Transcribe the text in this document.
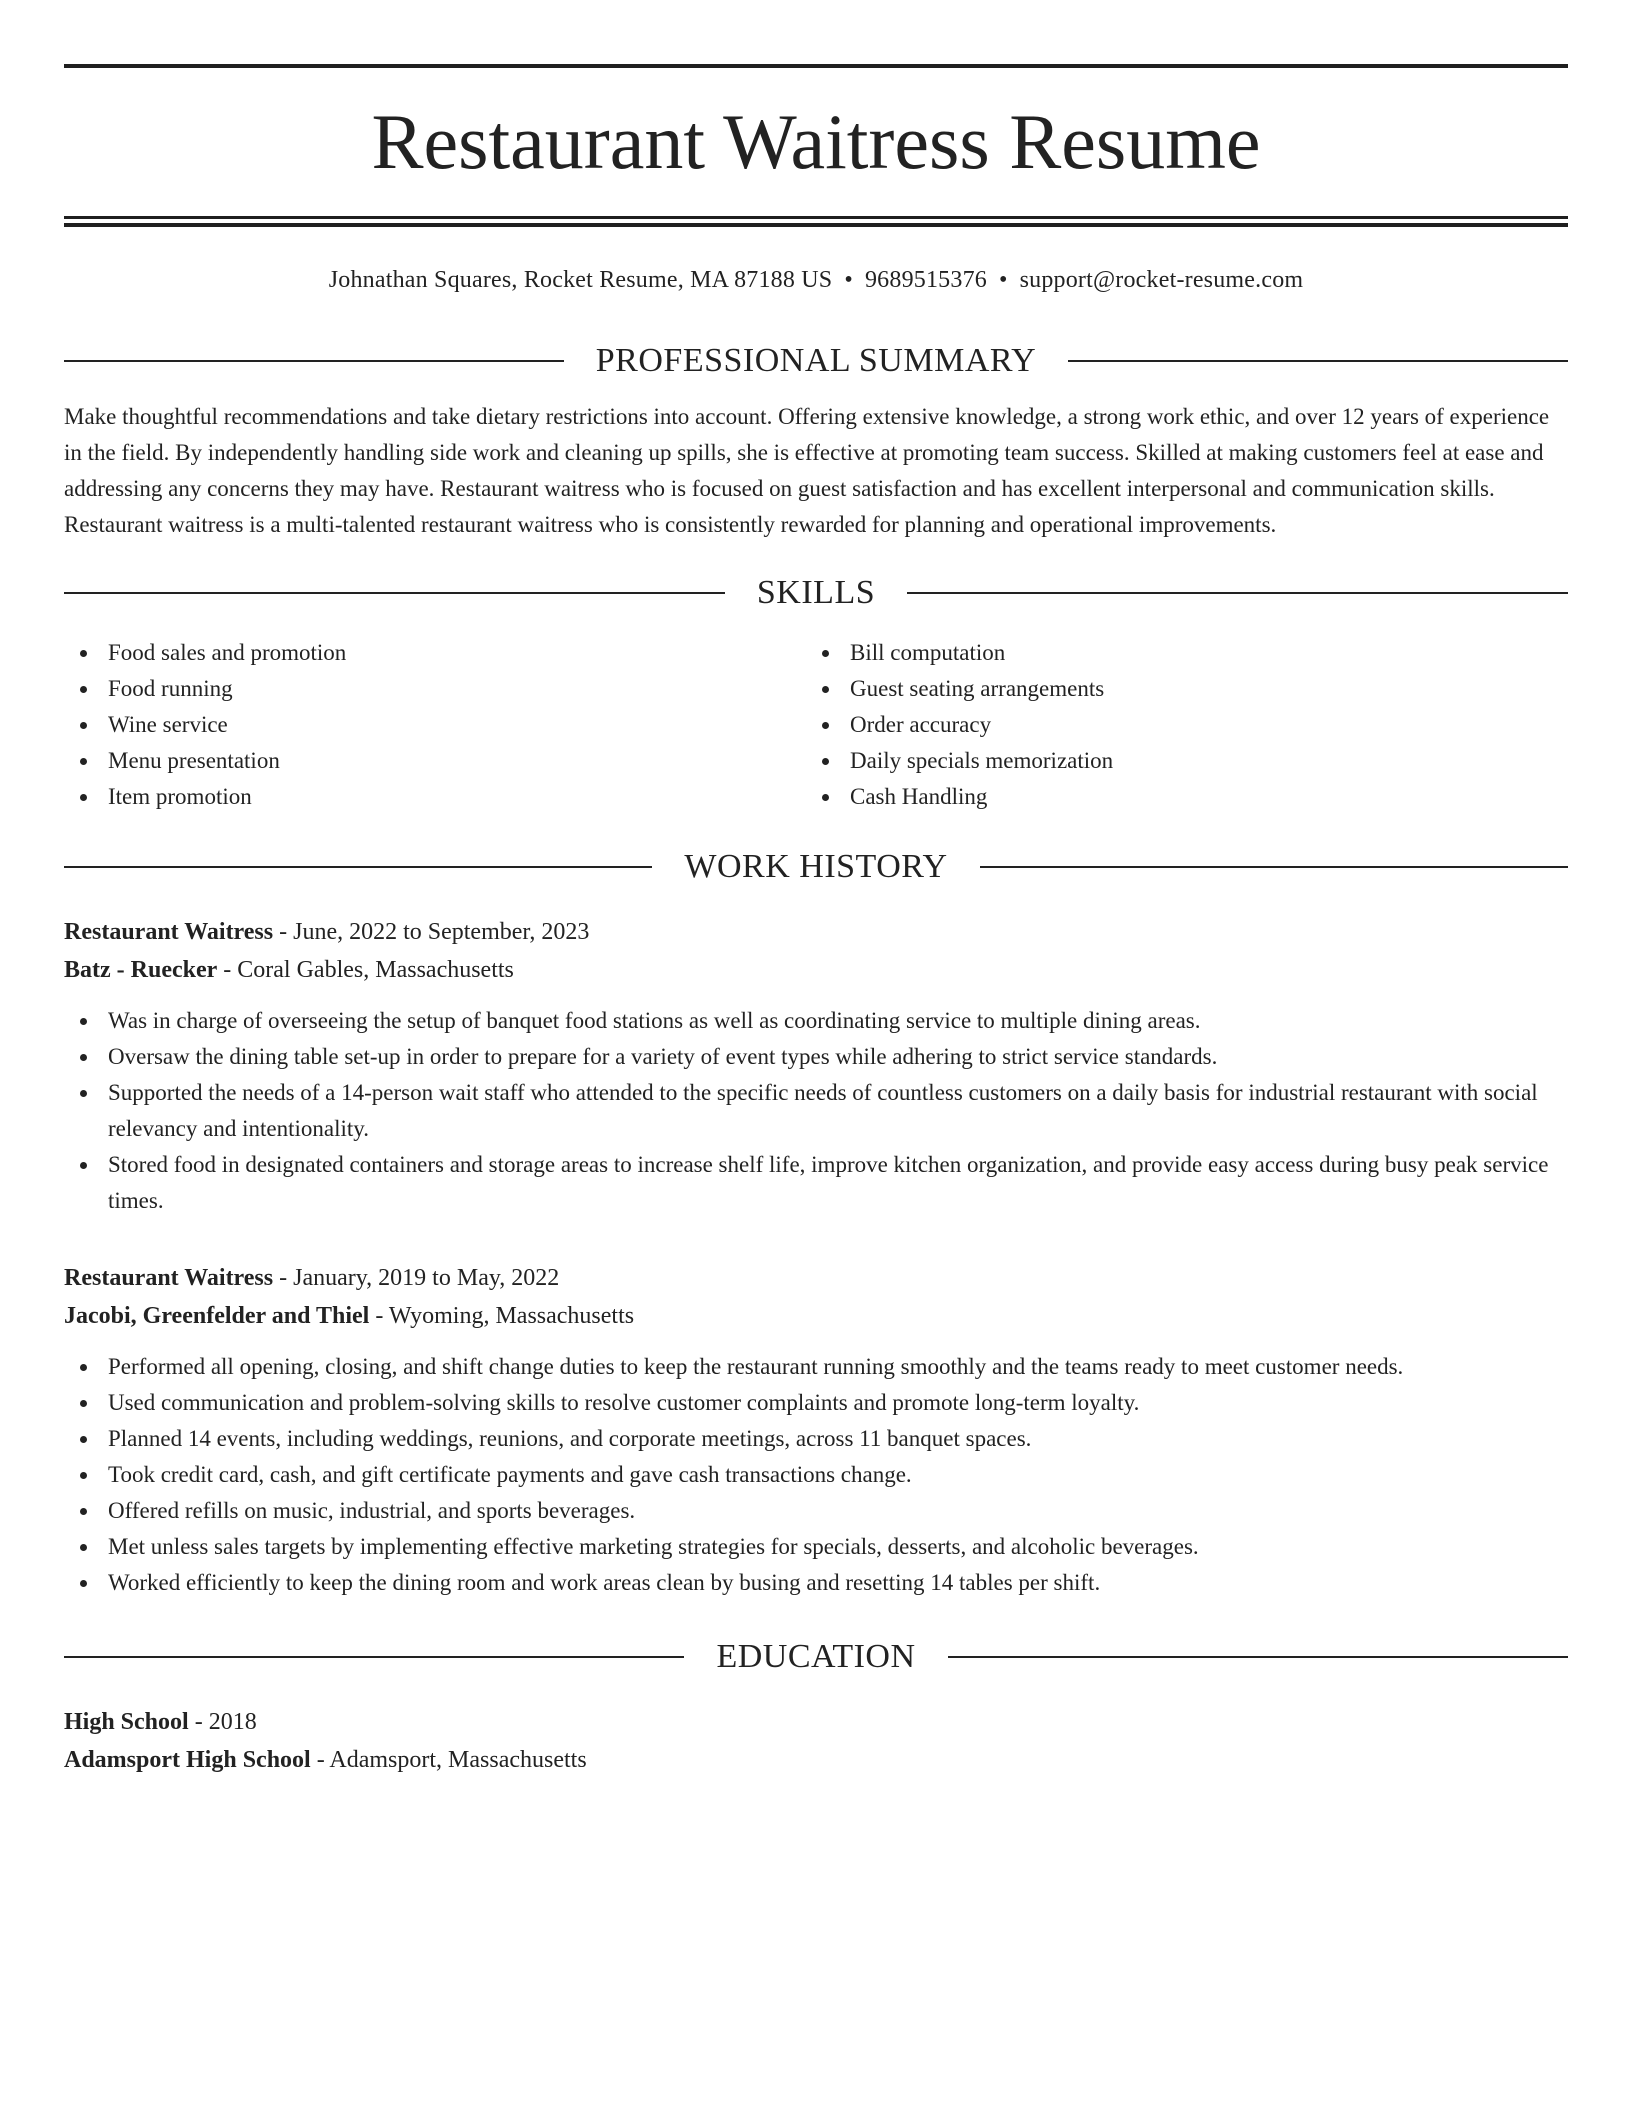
Restaurant Waitress Resume
Johnathan Squares, Rocket Resume, MA 87188 US • 9689515376 • support@rocket-resume.com
PROFESSIONAL SUMMARY
Make thoughtful recommendations and take dietary restrictions into account. Offering extensive knowledge, a strong work ethic, and over 12 years of experience in the field. By independently handling side work and cleaning up spills, she is effective at promoting team success. Skilled at making customers feel at ease and addressing any concerns they may have. Restaurant waitress who is focused on guest satisfaction and has excellent interpersonal and communication skills. Restaurant waitress is a multi-talented restaurant waitress who is consistently rewarded for planning and operational improvements.
SKILLS
Food sales and promotion
Food running
Wine service
Menu presentation
Item promotion
Bill computation
Guest seating arrangements
Order accuracy
Daily specials memorization
Cash Handling
WORK HISTORY
Restaurant Waitress - June, 2022 to September, 2023
Batz - Ruecker - Coral Gables, Massachusetts
Was in charge of overseeing the setup of banquet food stations as well as coordinating service to multiple dining areas.
Oversaw the dining table set-up in order to prepare for a variety of event types while adhering to strict service standards.
Supported the needs of a 14-person wait staff who attended to the specific needs of countless customers on a daily basis for industrial restaurant with social relevancy and intentionality.
Stored food in designated containers and storage areas to increase shelf life, improve kitchen organization, and provide easy access during busy peak service times.
Restaurant Waitress - January, 2019 to May, 2022
Jacobi, Greenfelder and Thiel - Wyoming, Massachusetts
Performed all opening, closing, and shift change duties to keep the restaurant running smoothly and the teams ready to meet customer needs.
Used communication and problem-solving skills to resolve customer complaints and promote long-term loyalty.
Planned 14 events, including weddings, reunions, and corporate meetings, across 11 banquet spaces.
Took credit card, cash, and gift certificate payments and gave cash transactions change.
Offered refills on music, industrial, and sports beverages.
Met unless sales targets by implementing effective marketing strategies for specials, desserts, and alcoholic beverages.
Worked efficiently to keep the dining room and work areas clean by busing and resetting 14 tables per shift.
EDUCATION
High School - 2018
Adamsport High School - Adamsport, Massachusetts
